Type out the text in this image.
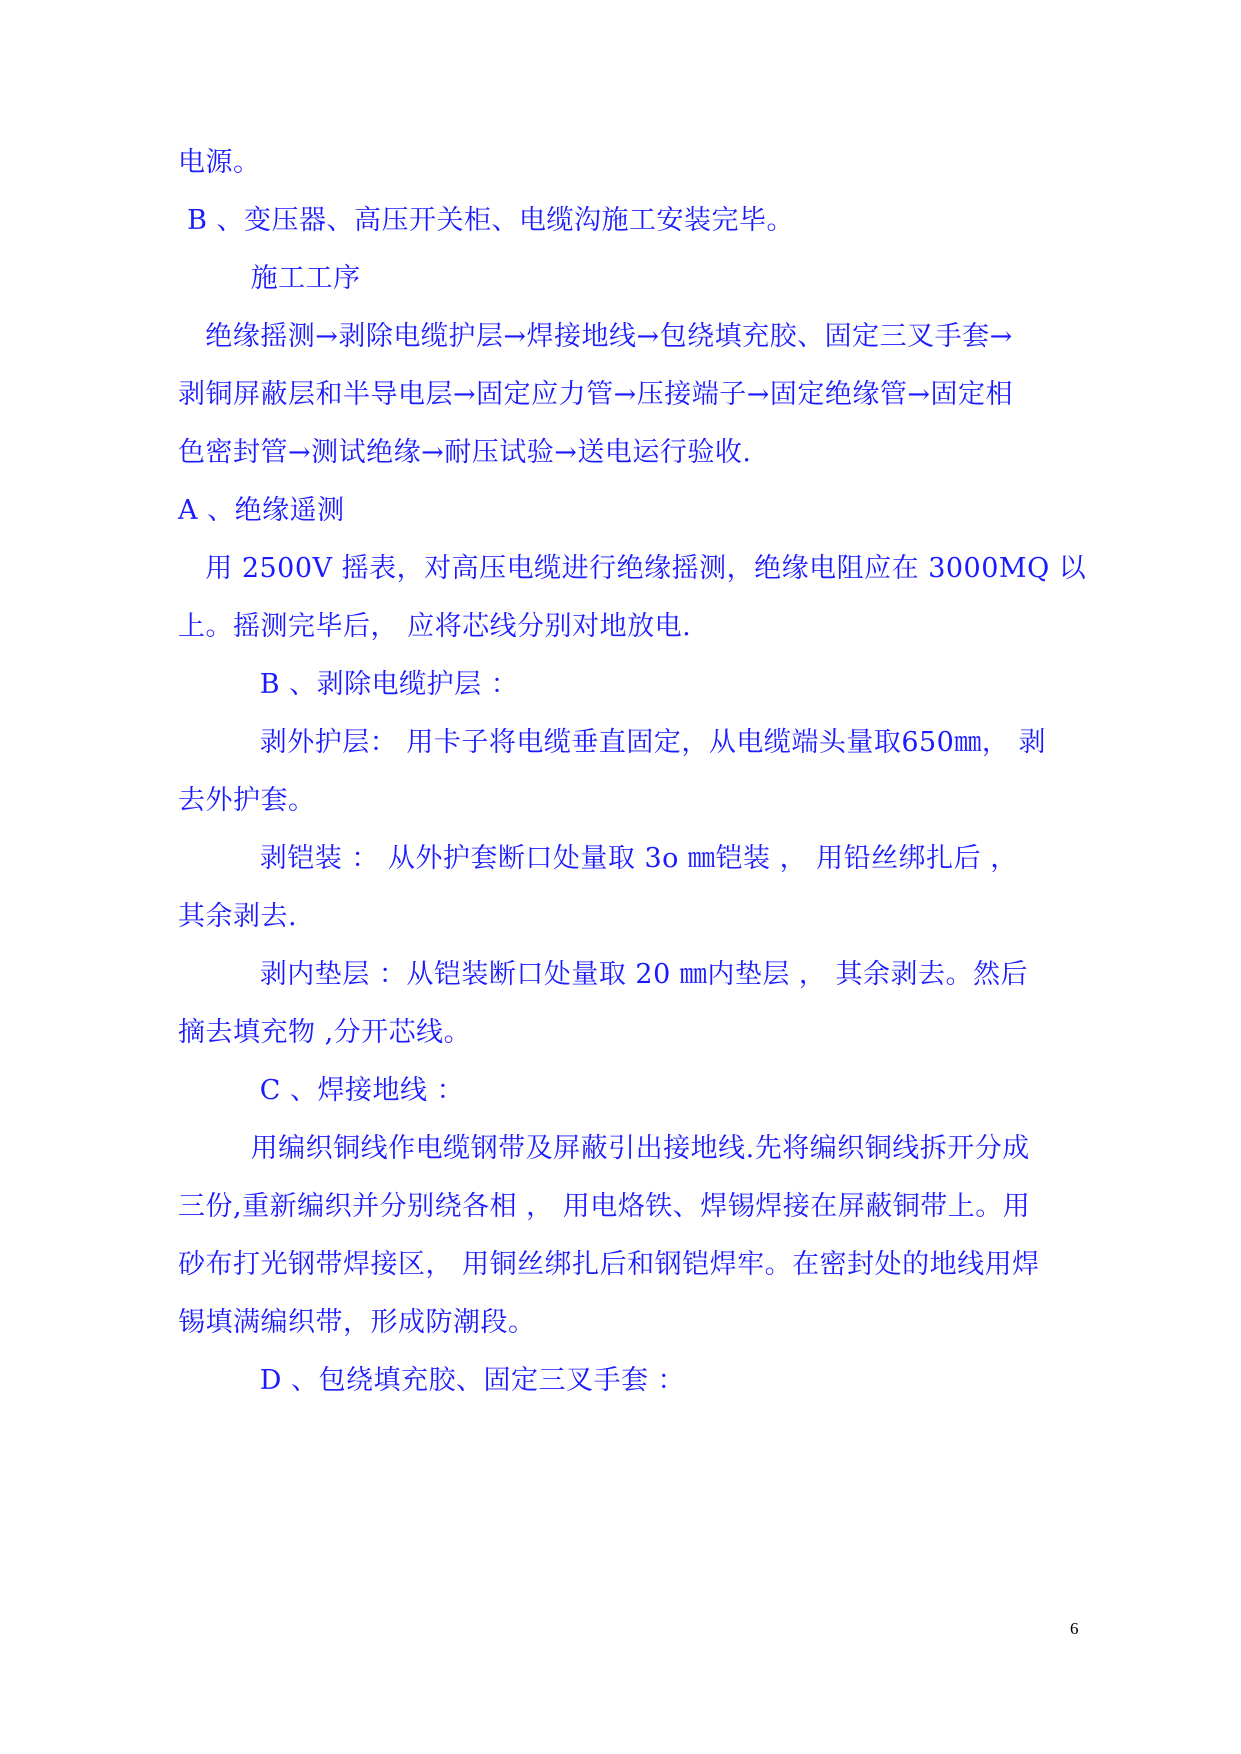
电源。
B 、变压器、高压开关柜、电缆沟施工安装完毕。
施工工序
绝缘摇测→剥除电缆护层→焊接地线→包绕填充胶、固定三叉手套→
剥铜屏蔽层和半导电层→固定应力管→压接端子→固定绝缘管→固定相
色密封管→测试绝缘→耐压试验→送电运行验收.
A 、绝缘遥测
用 2500V 摇表，对高压电缆进行绝缘摇测，绝缘电阻应在 3000MQ 以
上。摇测完毕后， 应将芯线分别对地放电.
B 、剥除电缆护层 ：
剥外护层： 用卡子将电缆垂直固定，从电缆端头量取650㎜， 剥
去外护套。
剥铠装 ： 从外护套断口处量取 3o ㎜铠装 ， 用铅丝绑扎后 ，
其余剥去.
剥内垫层 ：从铠装断口处量取 20 ㎜内垫层 ， 其余剥去。然后
摘去填充物 ,分开芯线。
C 、焊接地线 ：
用编织铜线作电缆钢带及屏蔽引出接地线.先将编织铜线拆开分成
三份,重新编织并分别绕各相 ， 用电烙铁、焊锡焊接在屏蔽铜带上。用
砂布打光钢带焊接区， 用铜丝绑扎后和钢铠焊牢。在密封处的地线用焊
锡填满编织带，形成防潮段。
D 、包绕填充胶、固定三叉手套 ：
6
